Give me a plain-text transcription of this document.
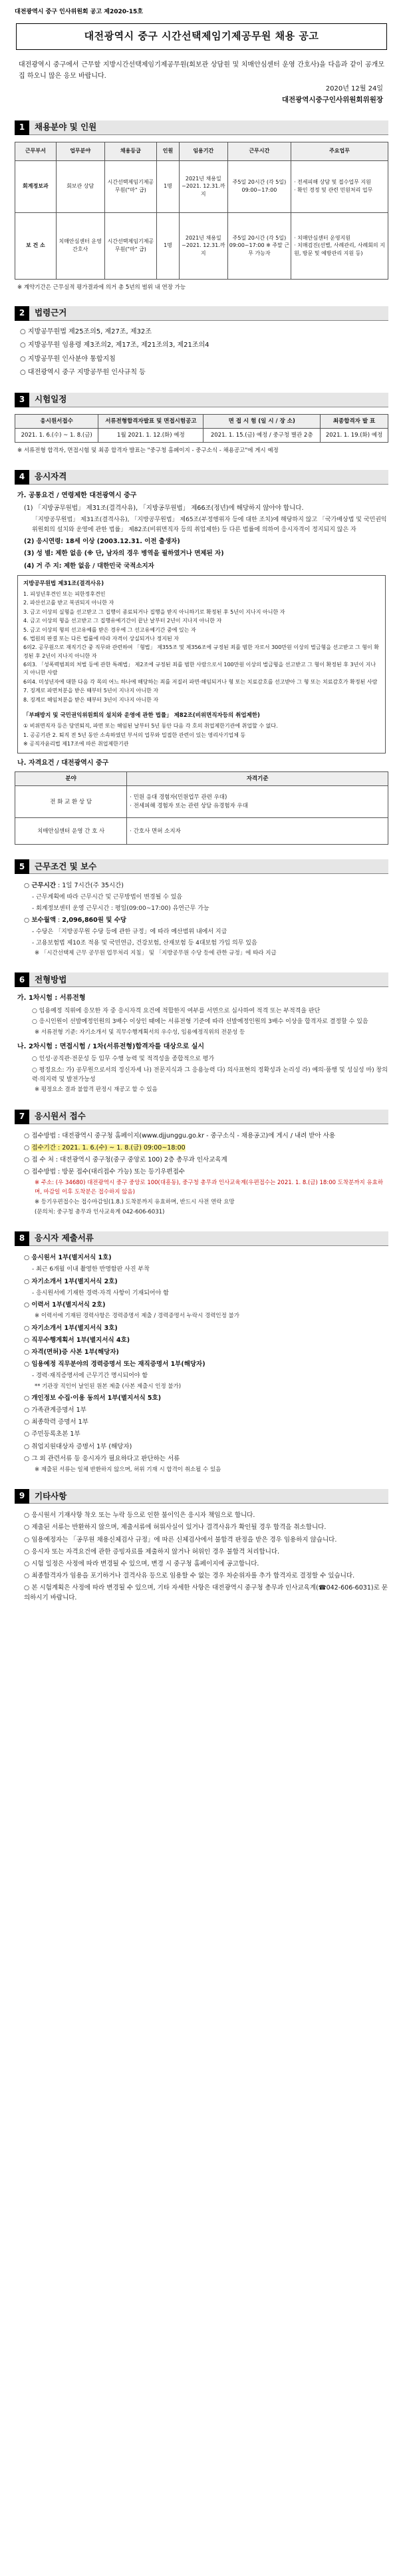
대전광역시 중구 인사위원회 공고 제2020-15호
대전광역시 중구 시간선택제임기제공무원 채용 공고

대전광역시 중구에서 근무할 지방시간선택제임기제공무원(회보관 상담원 및 치매안심센터 운영 간호사)을 다음과 같이 공개모집 하오니 많은 응모 바랍니다.

2020년 12월 24일
대전광역시중구인사위원회위원장
1	채용분야 및 인원
근무부서	업무분야	채용등급	인원	임용기간	근무시간	주요업무
회계정보과	회보관 상담	시간선택제임기제공무원("마" 급)	1명	2021년 채용일 ~2021. 12.31.까지	주5일 20시간 (각 5일) 09:00~17:00	· 전세피해 상담 및 접수업무 지원
· 확인 경정 및 관련 민원처리 업무
보 건 소	치매안심센터 운영 간호사	시간선택제임기제공무원("마" 급)	1명	2021년 채용일 ~2021. 12.31.까지	주5일 20시간 (각 5일) 09:00~17:00 ※ 주말 근무 가능자	· 치매안심센터 운영지원
· 치매검진(선별, 사례관리, 사례회의 지원, 방문 및 예방관리 지원 등)
※ 계약기간은 근무실적 평가결과에 의거 총 5년의 범위 내 연장 가능
2	법령근거
○ 지방공무원법 제25조의5, 제27조, 제32조
○ 지방공무원 임용령 제3조의2, 제17조, 제21조의3, 제21조의4
○ 지방공무원 인사분야 통합지침
○ 대전광역시 중구 지방공무원 인사규칙 등
3	시험일정
응시원서접수	서류전형합격자발표 및 면접시험공고	면 접 시 험 (일 시 / 장 소)	최종합격자 발 표
2021. 1. 6.(수) ~ 1. 8.(금)	1월 2021. 1. 12.(화) 예정	2021. 1. 15.(금) 예정 / 중구청 별관 2층	2021. 1. 19.(화) 예정
※ 서류전형 합격자, 면접시험 및 최종 합격자 발표는 "중구청 홈페이지 - 중구소식 - 채용공고"에 게시 예정
4	응시자격
가. 공통요건 / 연령제한 대전광역시 중구
(1) 「지방공무원법」 제31조(결격사유), 「지방공무원법」 제66조(정년)에 해당하지 않아야 합니다.
「지방공무원법」 제31조(결격사유), 「지방공무원법」 제65조(부정행위자 등에 대한 조치)에 해당하지 않고 「국가배상법 및 국민권익위원회의 설치와 운영에 관한 법률」 제82조(비위면직자 등의 취업제한) 등 다른 법률에 의하여 응시자격이 정지되지 않은 자
(2) 응시연령: 18세 이상 (2003.12.31. 이전 출생자)
(3) 성 별: 제한 없음 (※ 단, 남자의 경우 병역을 필하였거나 면제된 자)
(4) 거 주 지: 제한 없음 / 대한민국 국적소지자
지방공무원법 제31조(결격사유)

1. 피성년후견인 또는 피한정후견인

2. 파산선고를 받고 복권되지 아니한 자

3. 금고 이상의 실형을 선고받고 그 집행이 종료되거나 집행을 받지 아니하기로 확정된 후 5년이 지나지 아니한 자

4. 금고 이상의 형을 선고받고 그 집행유예기간이 끝난 날부터 2년이 지나지 아니한 자

5. 금고 이상의 형의 선고유예를 받은 경우에 그 선고유예기간 중에 있는 자

6. 법원의 판결 또는 다른 법률에 따라 자격이 상실되거나 정지된 자

6의2. 공무원으로 재직기간 중 직무와 관련하여 「형법」 제355조 및 제356조에 규정된 죄를 범한 자로서 300만원 이상의 벌금형을 선고받고 그 형이 확정된 후 2년이 지나지 아니한 자

6의3. 「성폭력범죄의 처벌 등에 관한 특례법」 제2조에 규정된 죄를 범한 사람으로서 100만원 이상의 벌금형을 선고받고 그 형이 확정된 후 3년이 지나지 아니한 사람

6의4. 미성년자에 대한 다음 각 목의 어느 하나에 해당하는 죄를 저질러 파면·해임되거나 형 또는 치료감호를 선고받아 그 형 또는 치료감호가 확정된 사람

7. 징계로 파면처분을 받은 때부터 5년이 지나지 아니한 자

8. 징계로 해임처분을 받은 때부터 3년이 지나지 아니한 자

「부패방지 및 국민권익위원회의 설치와 운영에 관한 법률」 제82조(비위면직자등의 취업제한)

① 비위면직자 등은 당연퇴직, 파면 또는 해임된 날부터 5년 동안 다음 각 호의 취업제한기관에 취업할 수 없다.

1. 공공기관 2. 퇴직 전 5년 동안 소속하였던 부서의 업무와 밀접한 관련이 있는 영리사기업체 등

※ 공직자윤리법 제17조에 따른 취업제한기관

나. 자격요건 / 대전광역시 중구
분야	자격기준
전 화 교 환 상 담	· 민원 응대 경험자(민원업무 관련 우대)
· 전세피해 경험자 또는 관련 상담 유경험자 우대
치매안심센터 운영 간 호 사	· 간호사 면허 소지자
5	근무조건 및 보수
○ 근무시간 : 1일 7시간(주 35시간)
- 근무계획에 따라 근무시간 및 근무방법이 변경될 수 있음
- 회계정보센터 운영 근무시간 : 평일(09:00~17:00) 유연근무 가능
○ 보수월액 : 2,096,860원 및 수당
- 수당은 「지방공무원 수당 등에 관한 규정」에 따라 예산범위 내에서 지급
- 고용보험법 제10조 적용 및 국민연금, 건강보험, 산재보험 등 4대보험 가입 의무 있음
※ 「시간선택제 근무 공무원 업무처리 지침」 및 「지방공무원 수당 등에 관한 규정」에 따라 지급
6	전형방법
가. 1차시험 : 서류전형
○ 임용예정 직위에 응모한 자 중 응시자격 요건에 적합한지 여부를 서면으로 심사하여 적격 또는 부적격을 판단
○ 응시인원이 선발예정인원의 3배수 이상인 때에는 서류전형 기준에 따라 선발예정인원의 3배수 이상을 합격자로 결정할 수 있음
※ 서류전형 기준: 자기소개서 및 직무수행계획서의 우수성, 임용예정직위의 전문성 등
나. 2차시험 : 면접시험 / 1차(서류전형)합격자를 대상으로 실시
○ 인성·공직관·전문성 등 임무 수행 능력 및 적격성을 종합적으로 평가
○ 평정요소: 가) 공무원으로서의 정신자세 나) 전문지식과 그 응용능력 다) 의사표현의 정확성과 논리성 라) 예의·품행 및 성실성 마) 창의력·의지력 및 발전가능성
※ 평정요소 결과 불합격 판정시 재공고 할 수 있음
7	응시원서 접수
○ 접수방법 : 대전광역시 중구청 홈페이지(www.djjunggu.go.kr - 중구소식 - 채용공고)에 게시 / 내려 받아 사용
○ 접수기간 : 2021. 1. 6.(수) ~ 1. 8.(금) 09:00~18:00
○ 접 수 처 : 대전광역시 중구청(중구 중앙로 100) 2층 총무과 인사교육계
○ 접수방법 : 방문 접수(대리접수 가능) 또는 등기우편접수
※ 주소: (우 34680) 대전광역시 중구 중앙로 100(대흥동), 중구청 총무과 인사교육계(우편접수는 2021. 1. 8.(금) 18:00 도착분까지 유효하며, 마감일 이후 도착분은 접수하지 않음)
※ 등기우편접수는 접수마감일(1.8.) 도착분까지 유효하며, 반드시 사전 연락 요망
(문의처: 중구청 총무과 인사교육계 042-606-6031)
8	응시자 제출서류
○ 응시원서 1부(별지서식 1호)
- 최근 6개월 이내 촬영한 반명함판 사진 부착
○ 자기소개서 1부(별지서식 2호)
- 응시원서에 기재한 경력·자격 사항이 기재되어야 함
○ 이력서 1부(별지서식 2호)
※ 이력서에 기재된 경력사항은 경력증명서 제출 / 경력증명서 누락시 경력인정 불가
○ 자기소개서 1부(별지서식 3호)
○ 직무수행계획서 1부(별지서식 4호)
○ 자격(면허)증 사본 1부(해당자)
○ 임용예정 직무분야의 경력증명서 또는 재직증명서 1부(해당자)
- 경력·재직증명서에 근무기간 명시되어야 함
** 기관장 직인이 날인된 원본 제출 (사본 제출시 인정 불가)
○ 개인정보 수집·이용 동의서 1부(별지서식 5호)
○ 가족관계증명서 1부
○ 최종학력 증명서 1부
○ 주민등록초본 1부
○ 취업지원대상자 증명서 1부 (해당자)
○ 그 외 관련서류 등 응시자가 필요하다고 판단하는 서류
※ 제출된 서류는 일체 반환하지 않으며, 허위 기재 시 합격이 취소될 수 있음
9	기타사항
○ 응시원서 기재사항 착오 또는 누락 등으로 인한 불이익은 응시자 책임으로 합니다.
○ 제출된 서류는 반환하지 않으며, 제출서류에 허위사실이 있거나 결격사유가 확인될 경우 합격을 취소합니다.
○ 임용예정자는 「공무원 채용신체검사 규정」에 따른 신체검사에서 불합격 판정을 받은 경우 임용하지 않습니다.
○ 응시자 또는 자격요건에 관한 증빙자료를 제출하지 않거나 허위인 경우 불합격 처리합니다.
○ 시험 일정은 사정에 따라 변경될 수 있으며, 변경 시 중구청 홈페이지에 공고합니다.
○ 최종합격자가 임용을 포기하거나 결격사유 등으로 임용할 수 없는 경우 차순위자를 추가 합격자로 결정할 수 있습니다.
○ 본 시험계획은 사정에 따라 변경될 수 있으며, 기타 자세한 사항은 대전광역시 중구청 총무과 인사교육계(☎042-606-6031)로 문의하시기 바랍니다.
